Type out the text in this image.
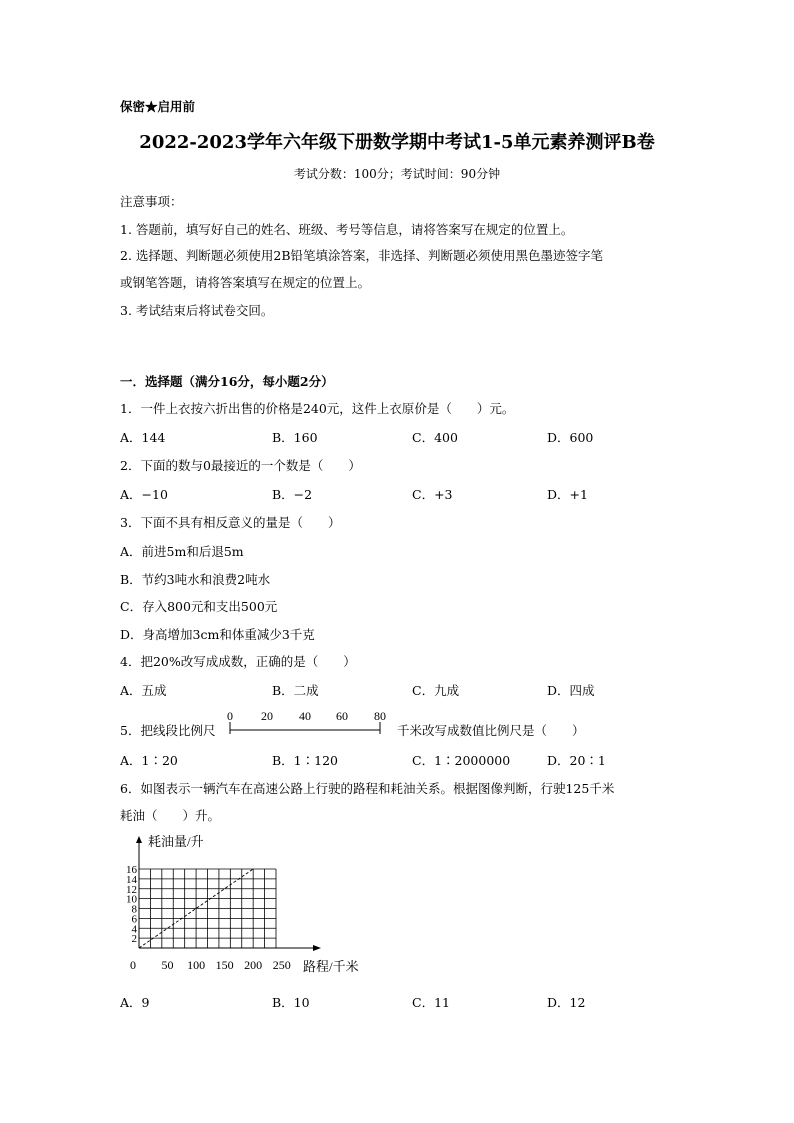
保密★启用前
2022-2023学年六年级下册数学期中考试1-5单元素养测评B卷
考试分数：100分；考试时间：90分钟
注意事项：
1. 答题前，填写好自己的姓名、班级、考号等信息，请将答案写在规定的位置上。
2. 选择题、判断题必须使用2B铅笔填涂答案，非选择、判断题必须使用黑色墨迹签字笔
或钢笔答题，请将答案填写在规定的位置上。
3. 考试结束后将试卷交回。
一．选择题（满分16分，每小题2分）
1．一件上衣按六折出售的价格是240元，这件上衣原价是（　　）元。
A．144	B．160	C．400	D．600
2．下面的数与0最接近的一个数是（　　）
A．−10	B．−2	C．+3	D．+1
3．下面不具有相反意义的量是（　　）
A．前进5m和后退5m
B．节约3吨水和浪费2吨水
C．存入800元和支出500元
D．身高增加3cm和体重减少3千克
4．把20%改写成成数，正确的是（　　）
A．五成	B．二成	C．九成	D．四成
5．把线段比例尺
0 20 40 60 80
千米改写成数值比例尺是（　　）
A．1∶20	B．1∶120	C．1∶2000000	D．20∶1
6．如图表示一辆汽车在高速公路上行驶的路程和耗油关系。根据图像判断，行驶125千米
耗油（　　）升。
2
4
6
8
10
12
14
16
0 50 100 150 200 250
耗油量/升
路程/千米
A．9	B．10	C．11	D．12
